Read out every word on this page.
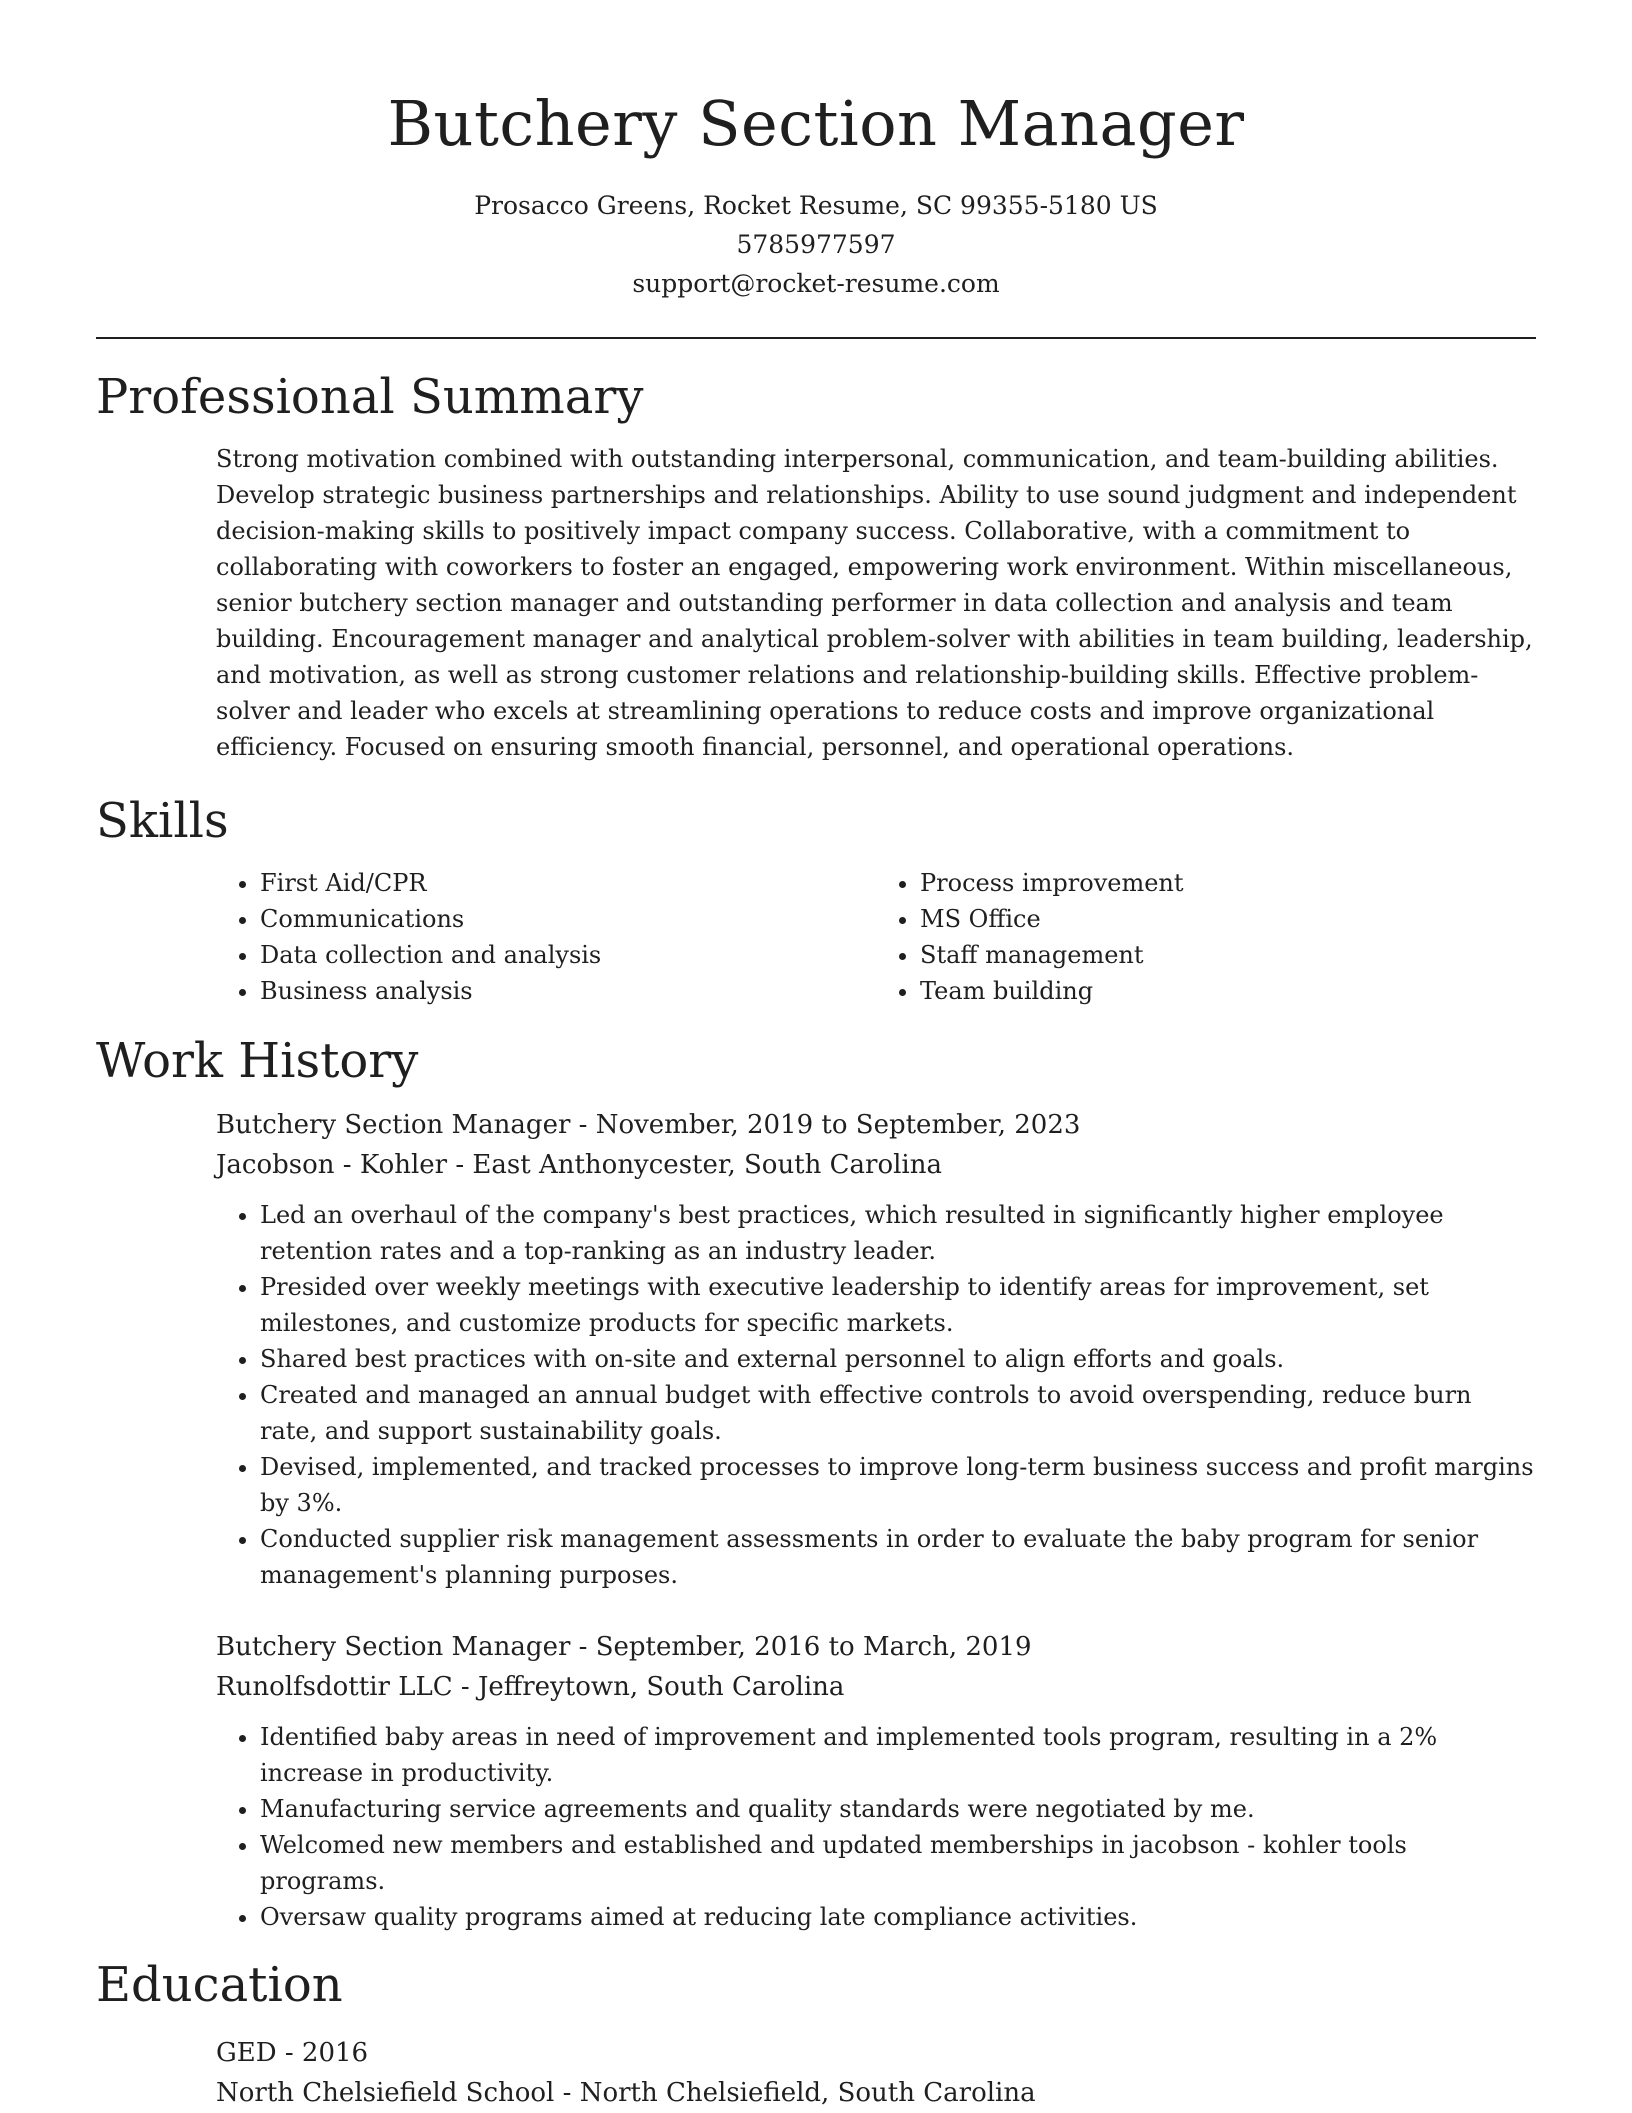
Butchery Section Manager
Prosacco Greens, Rocket Resume, SC 99355-5180 US
5785977597
support@rocket-resume.com
Professional Summary
Strong motivation combined with outstanding interpersonal, communication, and team-building abilities. Develop strategic business partnerships and relationships. Ability to use sound judgment and independent decision-making skills to positively impact company success. Collaborative, with a commitment to collaborating with coworkers to foster an engaged, empowering work environment. Within miscellaneous, senior butchery section manager and outstanding performer in data collection and analysis and team building. Encouragement manager and analytical problem-solver with abilities in team building, leadership, and motivation, as well as strong customer relations and relationship-building skills. Effective problem-solver and leader who excels at streamlining operations to reduce costs and improve organizational efficiency. Focused on ensuring smooth financial, personnel, and operational operations.
Skills
• First Aid/CPR
• Communications
• Data collection and analysis
• Business analysis
• Process improvement
• MS Office
• Staff management
• Team building
Work History
Butchery Section Manager - November, 2019 to September, 2023
Jacobson - Kohler - East Anthonycester, South Carolina
• Led an overhaul of the company's best practices, which resulted in significantly higher employee retention rates and a top-ranking as an industry leader.
• Presided over weekly meetings with executive leadership to identify areas for improvement, set milestones, and customize products for specific markets.
• Shared best practices with on-site and external personnel to align efforts and goals.
• Created and managed an annual budget with effective controls to avoid overspending, reduce burn rate, and support sustainability goals.
• Devised, implemented, and tracked processes to improve long-term business success and profit margins by 3%.
• Conducted supplier risk management assessments in order to evaluate the baby program for senior management's planning purposes.
Butchery Section Manager - September, 2016 to March, 2019
Runolfsdottir LLC - Jeffreytown, South Carolina
• Identified baby areas in need of improvement and implemented tools program, resulting in a 2% increase in productivity.
• Manufacturing service agreements and quality standards were negotiated by me.
• Welcomed new members and established and updated memberships in jacobson - kohler tools programs.
• Oversaw quality programs aimed at reducing late compliance activities.
Education
GED - 2016
North Chelsiefield School - North Chelsiefield, South Carolina
